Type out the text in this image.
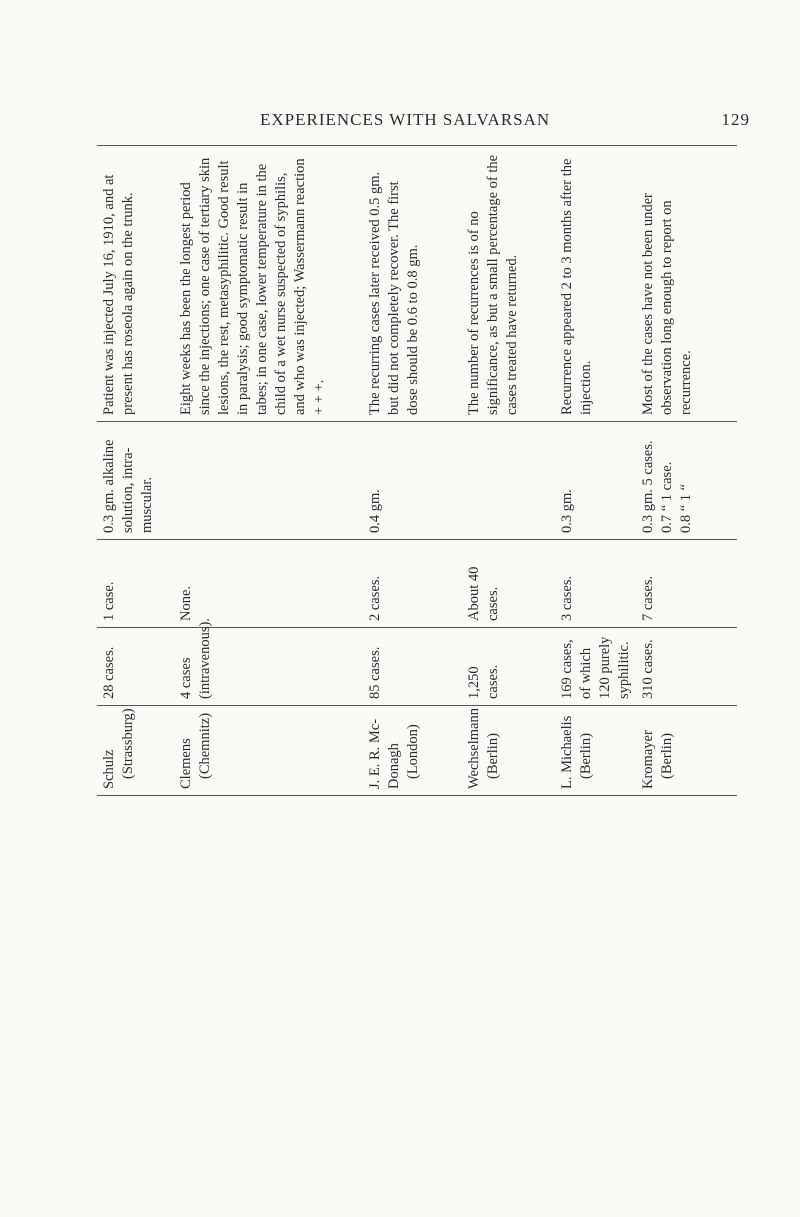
EXPERIENCES WITH SALVARSAN	129
Schulz (Strassburg)	28 cases.	1 case.	0.3 gm. alkaline solution, intra-muscular.	Patient was injected July 16, 1910, and at present has roseola again on the trunk.

Clemens (Chemnitz)	4 cases (intravenous).	None.		Eight weeks has been the longest period since the injections; one case of tertiary skin lesions, the rest, metasyphilitic. Good result in paralysis; good symptomatic result in tabes; in one case, lower temperature in the child of a wet nurse suspected of syphilis, and who was injected; Wassermann reaction + + +.

J. E. R. Mc-Donagh (London)	85 cases.	2 cases.	0.4 gm.	The recurring cases later received 0.5 gm. but did not completely recover. The first dose should be 0.6 to 0.8 gm.

Wechselmann (Berlin)	1,250 cases.	About 40 cases.		The number of recurrences is of no significance, as but a small percentage of the cases treated have returned.

L. Michaelis (Berlin)	169 cases, of which 120 purely syphilitic.	3 cases.	0.3 gm.	Recurrence appeared 2 to 3 months after the injection.

Kromayer (Berlin)	310 cases.	7 cases.	0.3 gm. 5 cases. 0.7 “ 1 case. 0.8 “ 1 “	Most of the cases have not been under observation long enough to report on recurrence.
